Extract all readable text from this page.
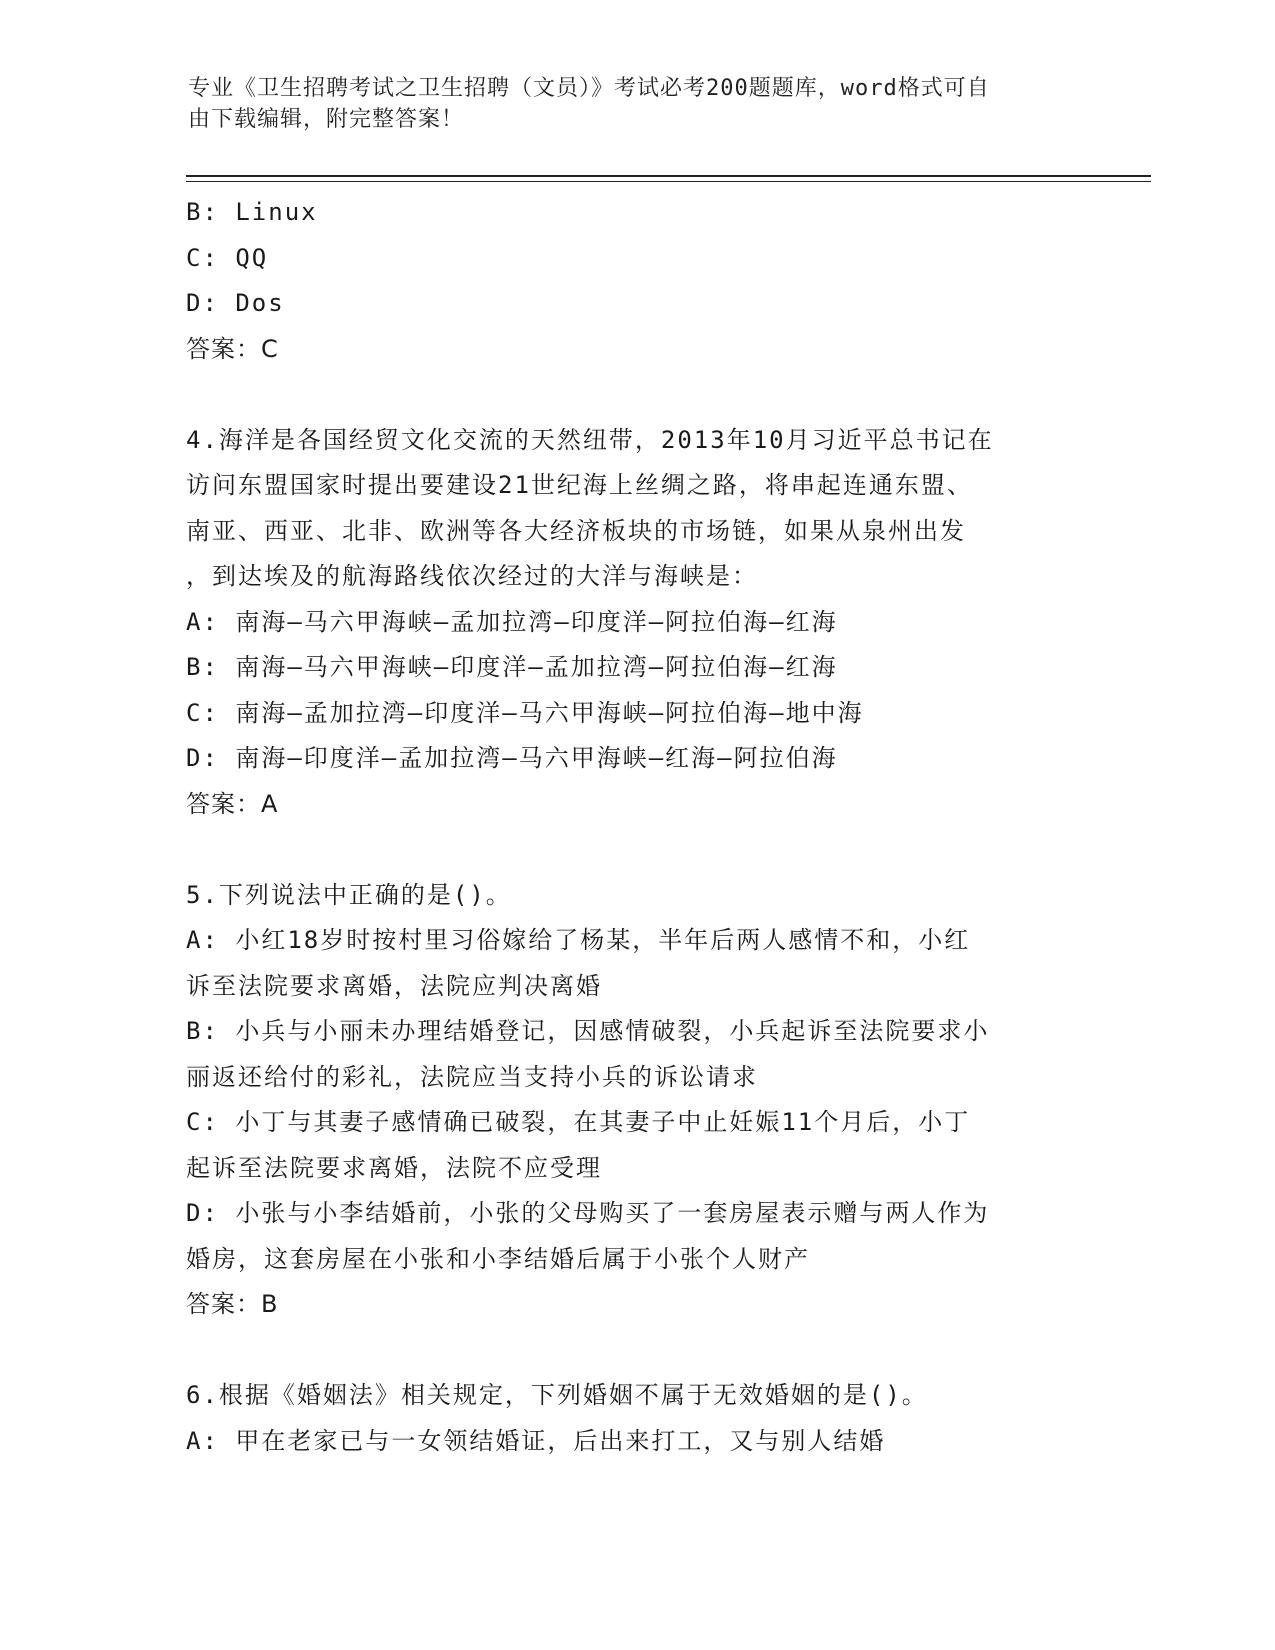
专业《卫生招聘考试之卫生招聘（文员）》考试必考200题题库，word格式可自
由下载编辑，附完整答案！
B: Linux
C: QQ
D: Dos
答案：C
4.海洋是各国经贸文化交流的天然纽带，2013年10月习近平总书记在
访问东盟国家时提出要建设21世纪海上丝绸之路，将串起连通东盟、
南亚、西亚、北非、欧洲等各大经济板块的市场链，如果从泉州出发
，到达埃及的航海路线依次经过的大洋与海峡是：
A: 南海—马六甲海峡—孟加拉湾—印度洋—阿拉伯海—红海
B: 南海—马六甲海峡—印度洋—孟加拉湾—阿拉伯海—红海
C: 南海—孟加拉湾—印度洋—马六甲海峡—阿拉伯海—地中海
D: 南海—印度洋—孟加拉湾—马六甲海峡—红海—阿拉伯海
答案：A
5.下列说法中正确的是()。
A: 小红18岁时按村里习俗嫁给了杨某，半年后两人感情不和，小红
诉至法院要求离婚，法院应判决离婚
B: 小兵与小丽未办理结婚登记，因感情破裂，小兵起诉至法院要求小
丽返还给付的彩礼，法院应当支持小兵的诉讼请求
C: 小丁与其妻子感情确已破裂，在其妻子中止妊娠11个月后，小丁
起诉至法院要求离婚，法院不应受理
D: 小张与小李结婚前，小张的父母购买了一套房屋表示赠与两人作为
婚房，这套房屋在小张和小李结婚后属于小张个人财产
答案：B
6.根据《婚姻法》相关规定，下列婚姻不属于无效婚姻的是()。
A: 甲在老家已与一女领结婚证，后出来打工，又与别人结婚
